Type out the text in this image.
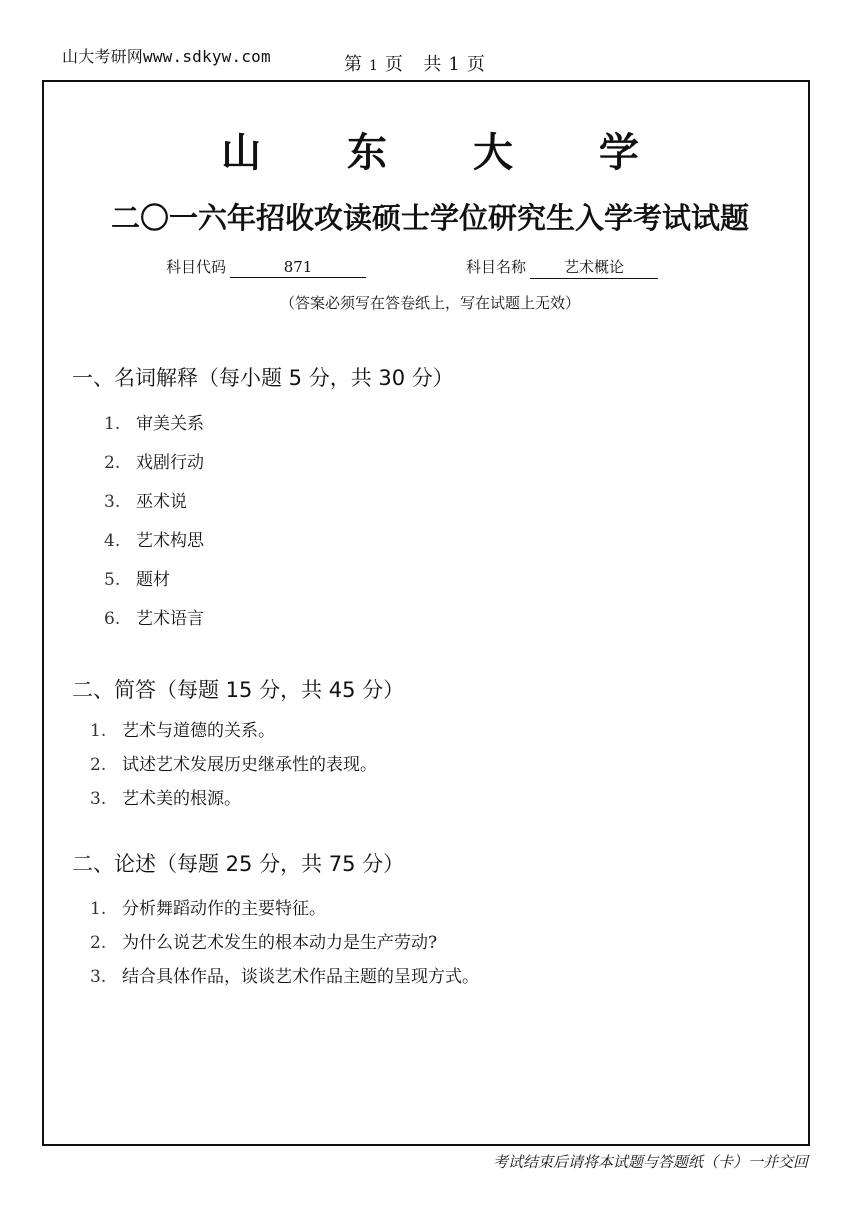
山大考研网www.sdkyw.com	第 1 页 共 1 页
山 东 大 学
二〇一六年招收攻读硕士学位研究生入学考试试题
科目代码	871	科目名称	艺术概论
（答案必须写在答卷纸上，写在试题上无效）
一、名词解释（每小题 5 分，共 30 分）
1. 审美关系
2. 戏剧行动
3. 巫术说
4. 艺术构思
5. 题材
6. 艺术语言
二、简答（每题 15 分，共 45 分）
1. 艺术与道德的关系。
2. 试述艺术发展历史继承性的表现。
3. 艺术美的根源。
二、论述（每题 25 分，共 75 分）
1. 分析舞蹈动作的主要特征。
2. 为什么说艺术发生的根本动力是生产劳动?
3. 结合具体作品，谈谈艺术作品主题的呈现方式。
考试结束后请将本试题与答题纸（卡）一并交回
